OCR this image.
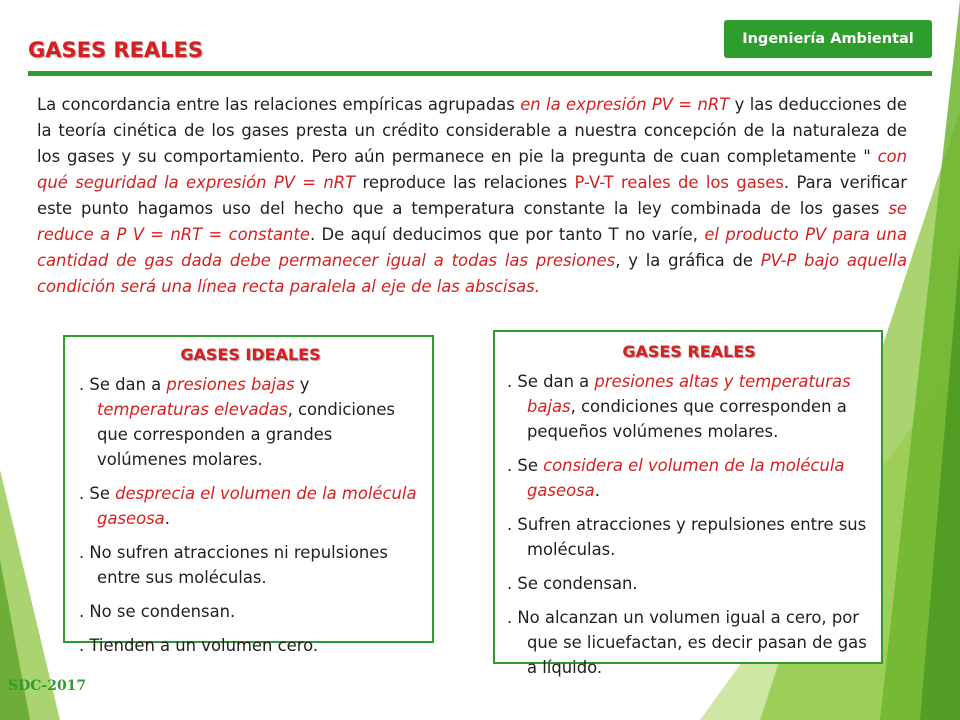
Ingeniería Ambiental
GASES REALES

La concordancia entre las relaciones empíricas agrupadas en la expresión PV = nRT y las deducciones de la teoría cinética de los gases presta un crédito considerable a nuestra concepción de la naturaleza de los gases y su comportamiento. Pero aún permanece en pie la pregunta de cuan completamente " con qué seguridad la expresión PV = nRT reproduce las relaciones P-V-T reales de los gases. Para verificar este punto hagamos uso del hecho que a temperatura constante la ley combinada de los gases se reduce a P V = nRT = constante. De aquí deducimos que por tanto T no varíe, el producto PV para una cantidad de gas dada debe permanecer igual a todas las presiones, y la gráfica de PV-P bajo aquella condición será una línea recta paralela al eje de las abscisas.

GASES IDEALES
. Se dan a presiones bajas y temperaturas elevadas, condiciones que corresponden a grandes volúmenes molares.
. Se desprecia el volumen de la molécula gaseosa.
. No sufren atracciones ni repulsiones entre sus moléculas.
. No se condensan.
. Tienden a un volumen cero.
GASES REALES
. Se dan a presiones altas y temperaturas bajas, condiciones que corresponden a pequeños volúmenes molares.
. Se considera el volumen de la molécula gaseosa.
. Sufren atracciones y repulsiones entre sus moléculas.
. Se condensan.
. No alcanzan un volumen igual a cero, por que se licuefactan, es decir pasan de gas a líquido.
SDC-2017
